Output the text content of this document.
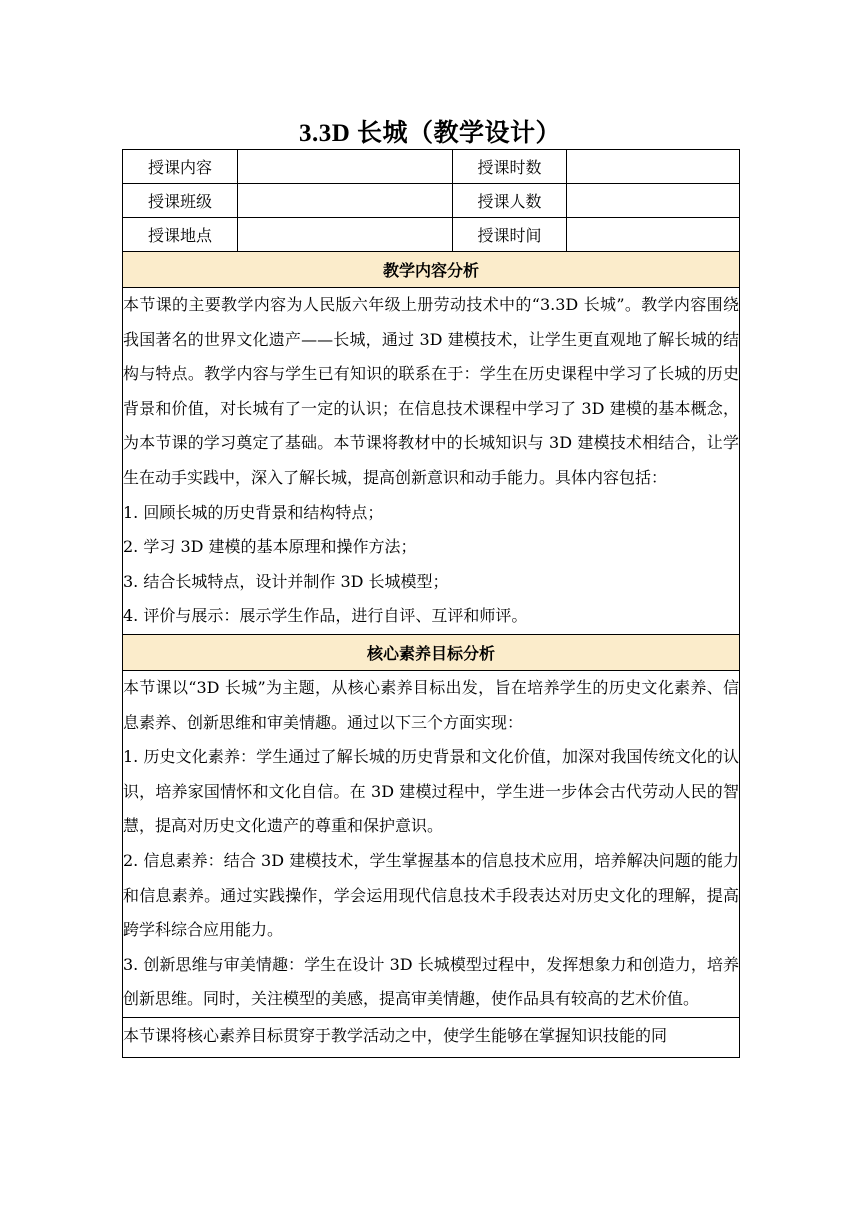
3.3D 长城（教学设计）
授课内容		授课时数	
授课班级		授课人数	
授课地点		授课时间	
教学内容分析			

本节课的主要教学内容为人民版六年级上册劳动技术中的“3.3D 长城”。教学内容围绕我国著名的世界文化遗产——长城，通过 3D 建模技术，让学生更直观地了解长城的结构与特点。教学内容与学生已有知识的联系在于：学生在历史课程中学习了长城的历史背景和价值，对长城有了一定的认识；在信息技术课程中学习了 3D 建模的基本概念，为本节课的学习奠定了基础。本节课将教材中的长城知识与 3D 建模技术相结合，让学生在动手实践中，深入了解长城，提高创新意识和动手能力。具体内容包括：

1. 回顾长城的历史背景和结构特点；

2. 学习 3D 建模的基本原理和操作方法；

3. 结合长城特点，设计并制作 3D 长城模型；

4. 评价与展示：展示学生作品，进行自评、互评和师评。			

核心素养目标分析			

本节课以“3D 长城”为主题，从核心素养目标出发，旨在培养学生的历史文化素养、信息素养、创新思维和审美情趣。通过以下三个方面实现：

1. 历史文化素养：学生通过了解长城的历史背景和文化价值，加深对我国传统文化的认识，培养家国情怀和文化自信。在 3D 建模过程中，学生进一步体会古代劳动人民的智慧，提高对历史文化遗产的尊重和保护意识。

2. 信息素养：结合 3D 建模技术，学生掌握基本的信息技术应用，培养解决问题的能力和信息素养。通过实践操作，学会运用现代信息技术手段表达对历史文化的理解，提高跨学科综合应用能力。

3. 创新思维与审美情趣：学生在设计 3D 长城模型过程中，发挥想象力和创造力，培养创新思维。同时，关注模型的美感，提高审美情趣，使作品具有较高的艺术价值。			

本节课将核心素养目标贯穿于教学活动之中，使学生能够在掌握知识技能的同			
